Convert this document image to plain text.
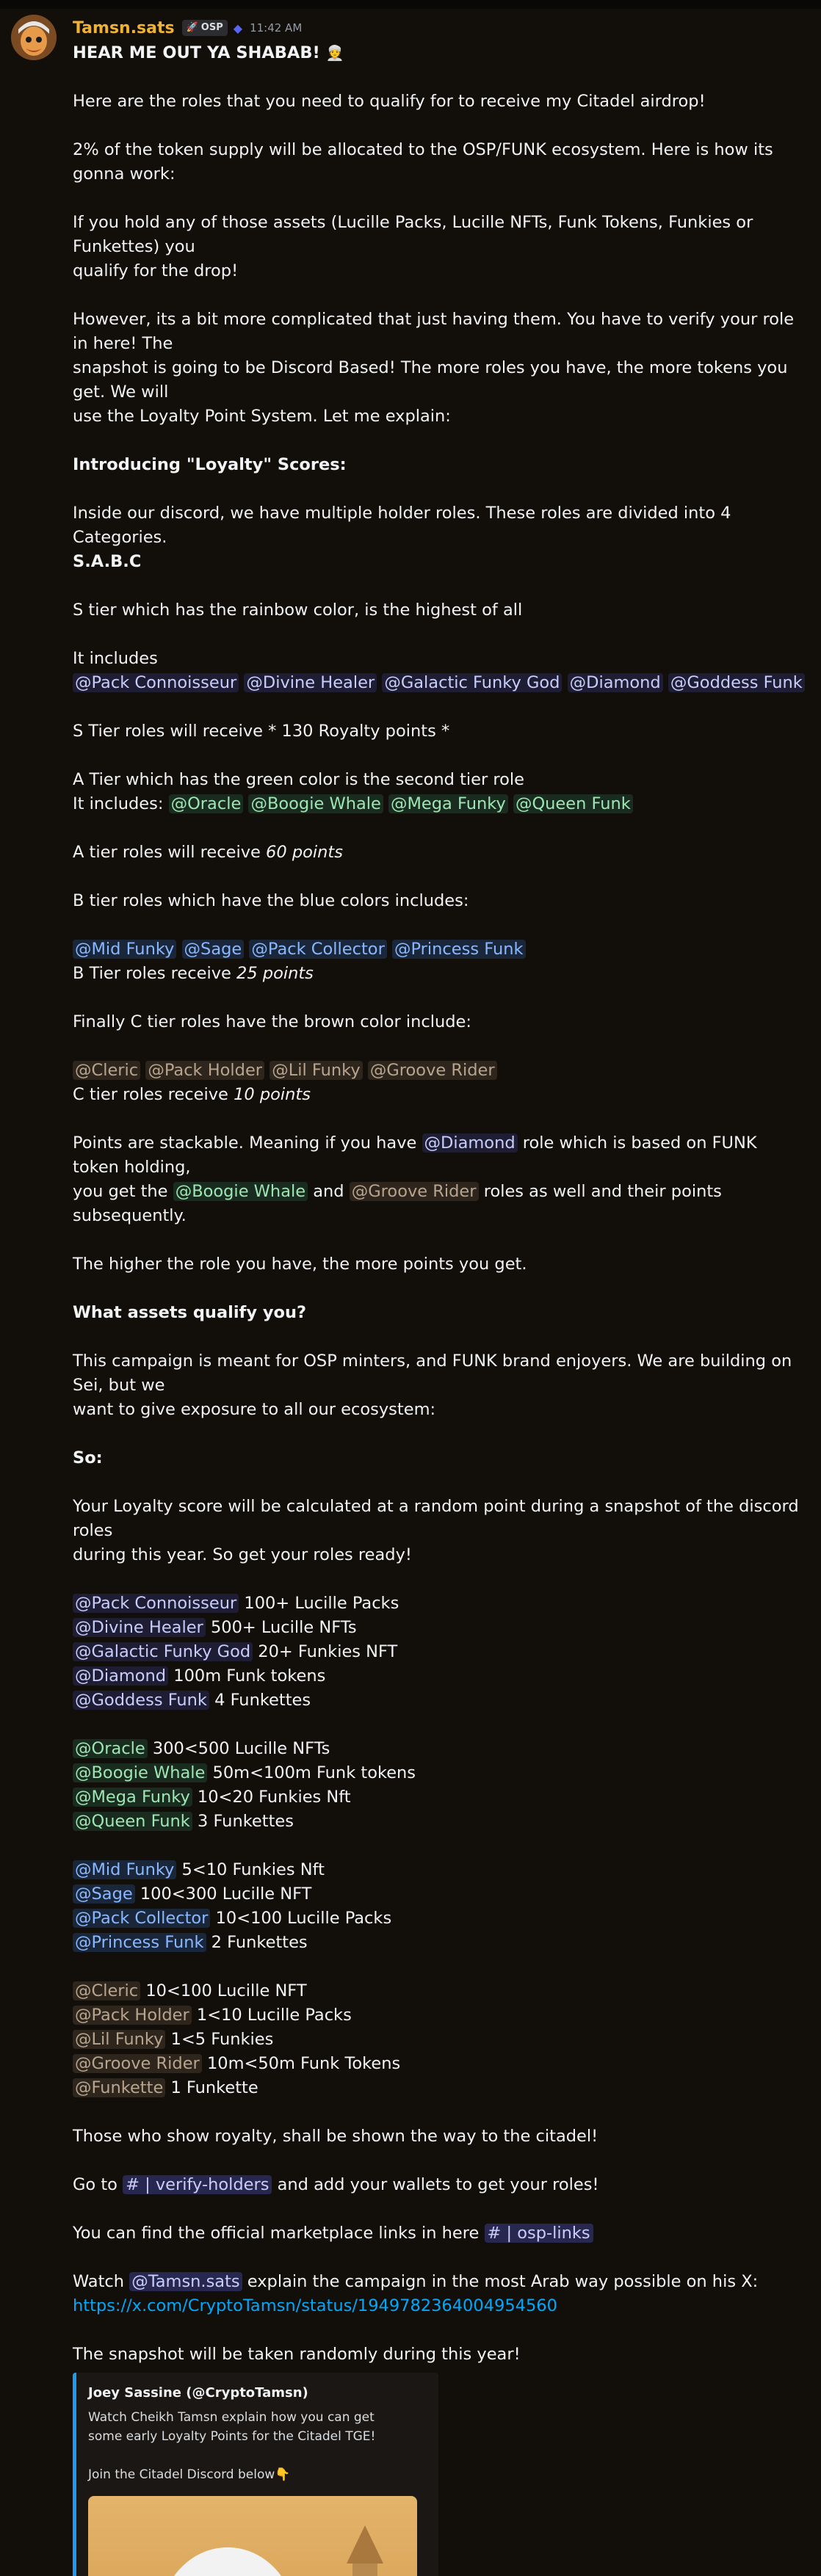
Tamsn.sats 🚀 OSP ◆ 11:42 AM

HEAR ME OUT YA SHABAB! 👳

Here are the roles that you need to qualify for to receive my Citadel airdrop!

2% of the token supply will be allocated to the OSP/FUNK ecosystem. Here is how its gonna work:

If you hold any of those assets (Lucille Packs, Lucille NFTs, Funk Tokens, Funkies or Funkettes) you

qualify for the drop!

However, its a bit more complicated that just having them. You have to verify your role in here! The

snapshot is going to be Discord Based! The more roles you have, the more tokens you get. We will

use the Loyalty Point System. Let me explain:

Introducing "Loyalty" Scores:

Inside our discord, we have multiple holder roles. These roles are divided into 4 Categories.

S.A.B.C

S tier which has the rainbow color, is the highest of all

It includes

@Pack Connoisseur @Divine Healer @Galactic Funky God @Diamond @Goddess Funk

S Tier roles will receive * 130 Royalty points *

A Tier which has the green color is the second tier role

It includes: @Oracle @Boogie Whale @Mega Funky @Queen Funk

A tier roles will receive 60 points

B tier roles which have the blue colors includes:

@Mid Funky @Sage @Pack Collector @Princess Funk

B Tier roles receive 25 points

Finally C tier roles have the brown color include:

@Cleric @Pack Holder @Lil Funky @Groove Rider

C tier roles receive 10 points

Points are stackable. Meaning if you have @Diamond role which is based on FUNK token holding,

you get the @Boogie Whale and @Groove Rider roles as well and their points subsequently.

The higher the role you have, the more points you get.

What assets qualify you?

This campaign is meant for OSP minters, and FUNK brand enjoyers. We are building on Sei, but we

want to give exposure to all our ecosystem:

So:

Your Loyalty score will be calculated at a random point during a snapshot of the discord roles

during this year. So get your roles ready!

@Pack Connoisseur 100+ Lucille Packs

@Divine Healer 500+ Lucille NFTs

@Galactic Funky God 20+ Funkies NFT

@Diamond 100m Funk tokens

@Goddess Funk 4 Funkettes

@Oracle 300<500 Lucille NFTs

@Boogie Whale 50m<100m Funk tokens

@Mega Funky 10<20 Funkies Nft

@Queen Funk 3 Funkettes

@Mid Funky 5<10 Funkies Nft

@Sage 100<300 Lucille NFT

@Pack Collector 10<100 Lucille Packs

@Princess Funk 2 Funkettes

@Cleric 10<100 Lucille NFT

@Pack Holder 1<10 Lucille Packs

@Lil Funky 1<5 Funkies

@Groove Rider 10m<50m Funk Tokens

@Funkette 1 Funkette

Those who show royalty, shall be shown the way to the citadel!

Go to # | verify-holders and add your wallets to get your roles!

You can find the official marketplace links in here # | osp-links

Watch @Tamsn.sats explain the campaign in the most Arab way possible on his X:

https://x.com/CryptoTamsn/status/1949782364004954560

The snapshot will be taken randomly during this year!

Joey Sassine (@CryptoTamsn)

Watch Cheikh Tamsn explain how you can get

some early Loyalty Points for the Citadel TGE!

Join the Citadel Discord below👇
